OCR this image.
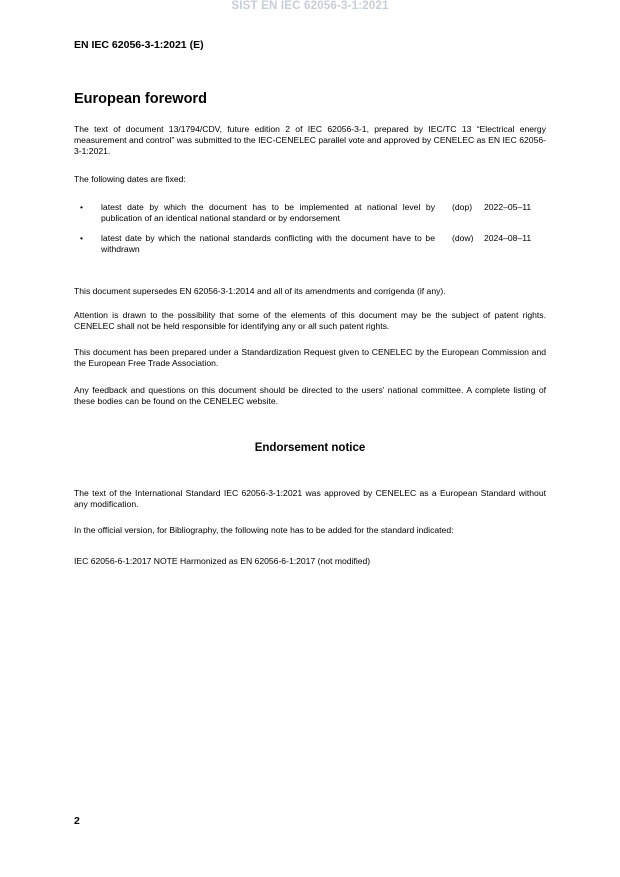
SIST EN IEC 62056-3-1:2021
EN IEC 62056-3-1:2021 (E)
European foreword

The text of document 13/1794/CDV, future edition 2 of IEC 62056-3-1, prepared by IEC/TC 13 “Electrical energy measurement and control” was submitted to the IEC-CENELEC parallel vote and approved by CENELEC as EN IEC 62056-3-1:2021.

The following dates are fixed:

• latest date by which the document has to be implemented at national level by publication of an identical national standard or by endorsement

(dop) 2022–05–11
• latest date by which the national standards conflicting with the document have to be withdrawn

(dow) 2024–08–11

This document supersedes EN 62056-3-1:2014 and all of its amendments and corrigenda (if any).

Attention is drawn to the possibility that some of the elements of this document may be the subject of patent rights. CENELEC shall not be held responsible for identifying any or all such patent rights.

This document has been prepared under a Standardization Request given to CENELEC by the European Commission and the European Free Trade Association.

Any feedback and questions on this document should be directed to the users’ national committee. A complete listing of these bodies can be found on the CENELEC website.

Endorsement notice

The text of the International Standard IEC 62056-3-1:2021 was approved by CENELEC as a European Standard without any modification.

In the official version, for Bibliography, the following note has to be added for the standard indicated:

IEC 62056-6-1:2017 NOTE Harmonized as EN 62056-6-1:2017 (not modified)

2
